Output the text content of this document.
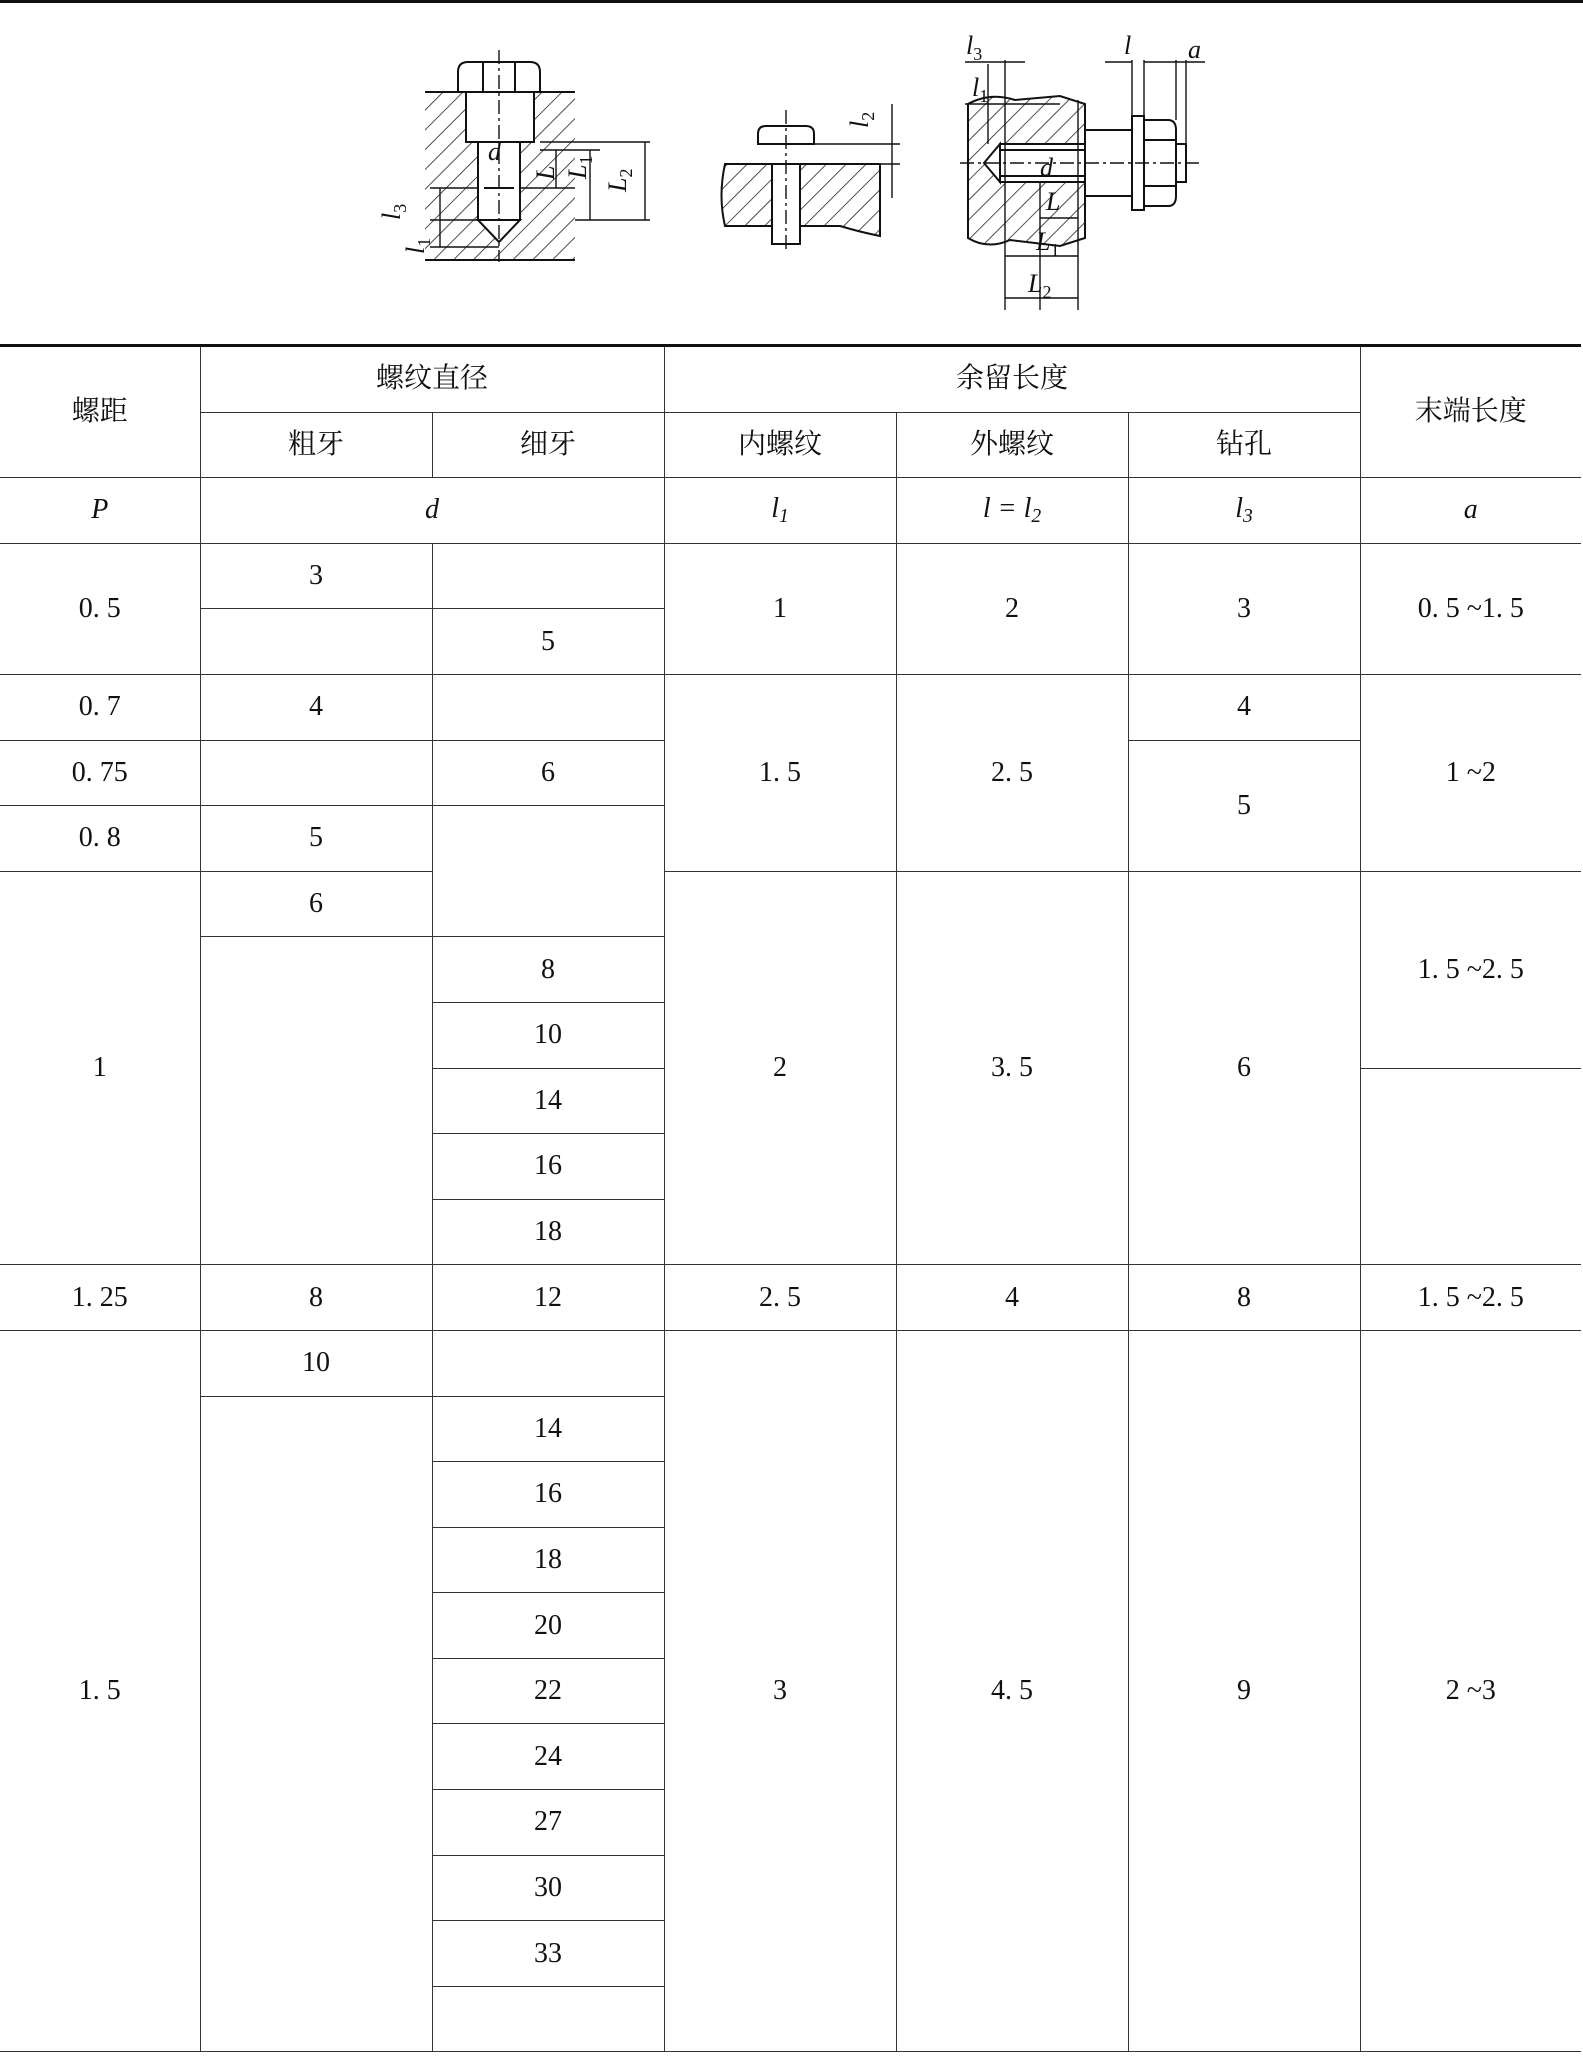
d
L $L_1$
$L_2$
$l_3$
$l_1$
$l_2$
$l_3$
$l_1$
l a
d
L
$L_1$
$L_2$
螺距	螺纹直径		余留长度			末端长度
	粗牙	细牙	内螺纹	外螺纹	钻孔	
P	d		$l_1$	$l = l_2$	$l_3$	a
0. 5	3		1	2	3	0. 5 ~1. 5
		5				
0. 7	4		1. 5	2. 5	4	1 ~2
0. 75		6			5	
0. 8	5					
1	6		2	3. 5	6	1. 5 ~2. 5
		8				
		10				
		14				
		16				
		18				
1. 25	8	12	2. 5	4	8	1. 5 ~2. 5
1. 5	10		3	4. 5	9	2 ~3
		14				
		16				
		18				
		20				
		22				
		24				
		27				
		30				
		33				
